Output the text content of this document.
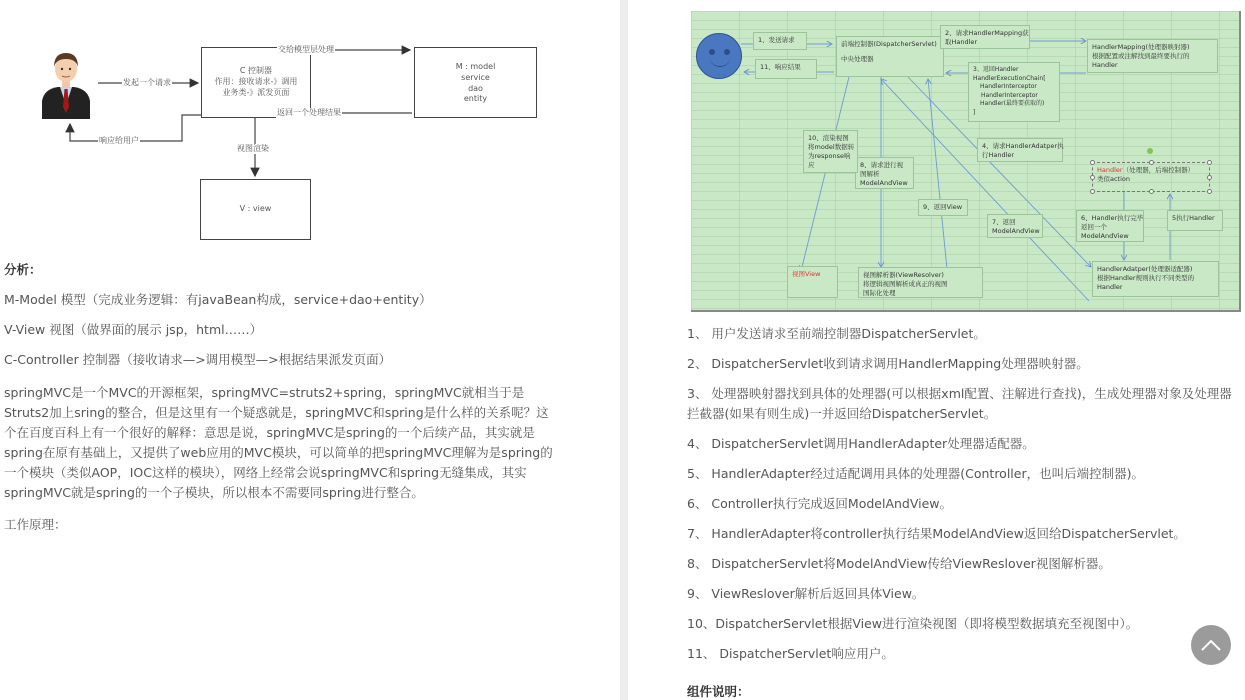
C 控制器
作用：接收请求-》调用
业务类-》派发页面
M : model
service
dao
entity
V : view
发起一个请求
交给模型层处理
返回一个处理结果
视图渲染
响应给用户
分析：
M-Model 模型（完成业务逻辑：有javaBean构成，service+dao+entity）
V-View 视图（做界面的展示 jsp，html……）
C-Controller 控制器（接收请求—>调用模型—>根据结果派发页面）
springMVC是一个MVC的开源框架，springMVC=struts2+spring，springMVC就相当于是Struts2加上sring的整合，但是这里有一个疑惑就是，springMVC和spring是什么样的关系呢？这个在百度百科上有一个很好的解释：意思是说，springMVC是spring的一个后续产品，其实就是spring在原有基础上，又提供了web应用的MVC模块，可以简单的把springMVC理解为是spring的一个模块（类似AOP，IOC这样的模块），网络上经常会说springMVC和spring无缝集成，其实springMVC就是spring的一个子模块，所以根本不需要同spring进行整合。
工作原理：
1、发送请求
11、响应结果
前端控制器(DispatcherServlet)
中央处理器
2、请求HandlerMapping获
取Handler
HandlerMapping(处理器映射器)
根据配置或注解找到最终要执行的
Handler
3、返回Handler
HandlerExecutionChain[
HandlerInterceptor
HandlerInterceptor
Handler(最终要获取的)
]
4、请求HandlerAdatper执
行Handler
Handler（处理器，后端控制器）
类似action
5执行Handler
6、Handler执行完毕
返回一个
ModelAndView
HandlerAdatper(处理器适配器)
根据Handler规则执行不同类型的
Handler
7、返回
ModelAndView
8、请求进行视
图解析
ModelAndView
9、返回View
10、渲染视图
将model数据转
为response响
应
视图View	视图解析器(ViewResolver)
将逻辑视图解析成真正的视图
国际化处理
1、 用户发送请求至前端控制器DispatcherServlet。
2、 DispatcherServlet收到请求调用HandlerMapping处理器映射器。
3、 处理器映射器找到具体的处理器(可以根据xml配置、注解进行查找)，生成处理器对象及处理器拦截器(如果有则生成)一并返回给DispatcherServlet。
4、 DispatcherServlet调用HandlerAdapter处理器适配器。
5、 HandlerAdapter经过适配调用具体的处理器(Controller，也叫后端控制器)。
6、 Controller执行完成返回ModelAndView。
7、 HandlerAdapter将controller执行结果ModelAndView返回给DispatcherServlet。
8、 DispatcherServlet将ModelAndView传给ViewReslover视图解析器。
9、 ViewReslover解析后返回具体View。
10、DispatcherServlet根据View进行渲染视图（即将模型数据填充至视图中）。
11、 DispatcherServlet响应用户。
组件说明：
